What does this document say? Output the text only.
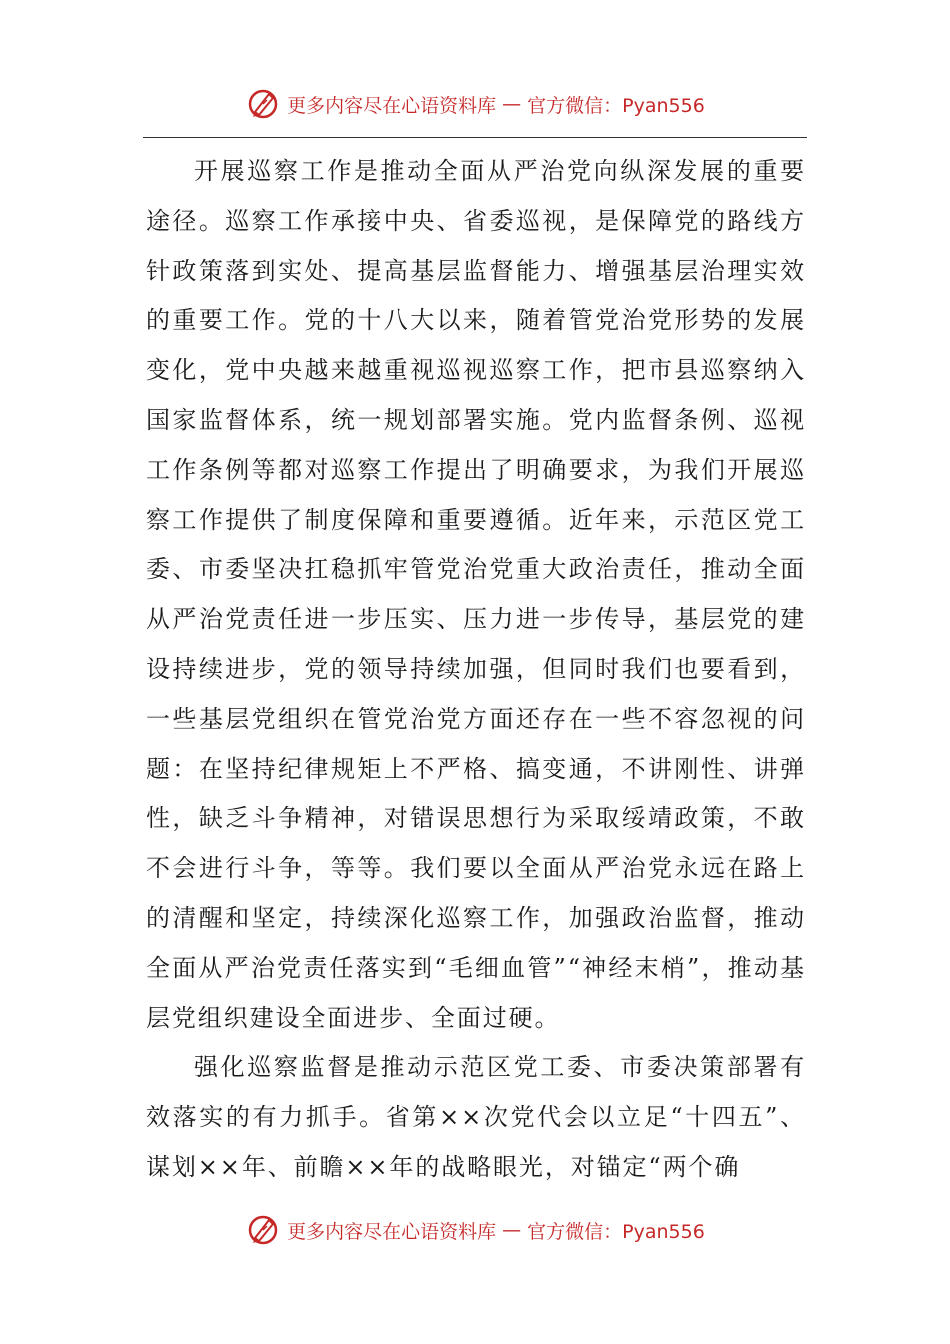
更多内容尽在心语资料库 — 官方微信：Pyan556

开展巡察工作是推动全面从严治党向纵深发展的重要途径。巡察工作承接中央、省委巡视，是保障党的路线方针政策落到实处、提高基层监督能力、增强基层治理实效的重要工作。党的十八大以来，随着管党治党形势的发展变化，党中央越来越重视巡视巡察工作，把市县巡察纳入国家监督体系，统一规划部署实施。党内监督条例、巡视工作条例等都对巡察工作提出了明确要求，为我们开展巡察工作提供了制度保障和重要遵循。近年来，示范区党工委、市委坚决扛稳抓牢管党治党重大政治责任，推动全面从严治党责任进一步压实、压力进一步传导，基层党的建设持续进步，党的领导持续加强，但同时我们也要看到，一些基层党组织在管党治党方面还存在一些不容忽视的问题：在坚持纪律规矩上不严格、搞变通，不讲刚性、讲弹性，缺乏斗争精神，对错误思想行为采取绥靖政策，不敢不会进行斗争，等等。我们要以全面从严治党永远在路上的清醒和坚定，持续深化巡察工作，加强政治监督，推动全面从严治党责任落实到“毛细血管”“神经末梢”，推动基层党组织建设全面进步、全面过硬。

强化巡察监督是推动示范区党工委、市委决策部署有效落实的有力抓手。省第××次党代会以立足“十四五”、谋划××年、前瞻××年的战略眼光，对锚定“两个确

更多内容尽在心语资料库 — 官方微信：Pyan556
